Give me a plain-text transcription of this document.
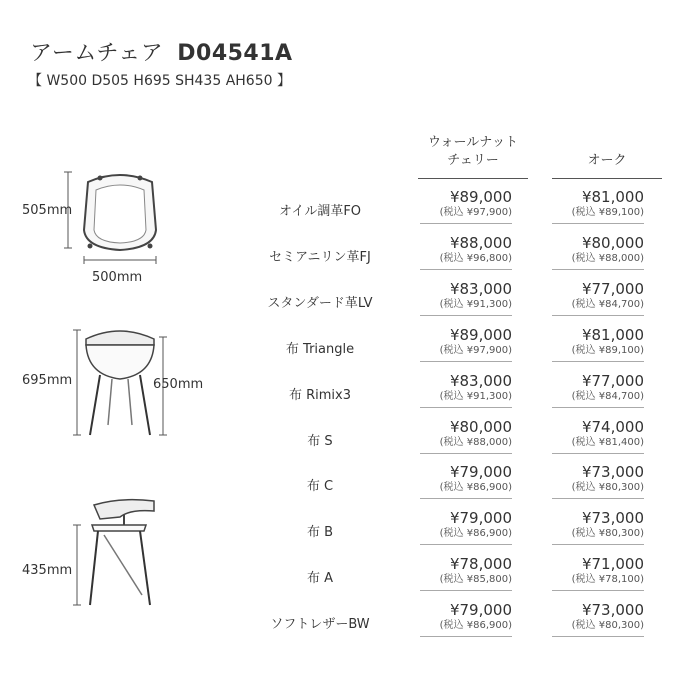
アームチェア D04541A
【 W500 D505 H695 SH435 AH650 】
505mm
500mm
695mm	650mm
435mm
ウォールナット
チェリー	オーク
オイル調革FO
¥89,000
(税込 ¥97,900)
¥81,000
(税込 ¥89,100)
セミアニリン革FJ
¥88,000
(税込 ¥96,800)
¥80,000
(税込 ¥88,000)
スタンダード革LV
¥83,000
(税込 ¥91,300)
¥77,000
(税込 ¥84,700)
布 Triangle
¥89,000
(税込 ¥97,900)
¥81,000
(税込 ¥89,100)
布 Rimix3
¥83,000
(税込 ¥91,300)
¥77,000
(税込 ¥84,700)
布 S
¥80,000
(税込 ¥88,000)
¥74,000
(税込 ¥81,400)
布 C
¥79,000
(税込 ¥86,900)
¥73,000
(税込 ¥80,300)
布 B
¥79,000
(税込 ¥86,900)
¥73,000
(税込 ¥80,300)
布 A
¥78,000
(税込 ¥85,800)
¥71,000
(税込 ¥78,100)
ソフトレザーBW
¥79,000
(税込 ¥86,900)
¥73,000
(税込 ¥80,300)
